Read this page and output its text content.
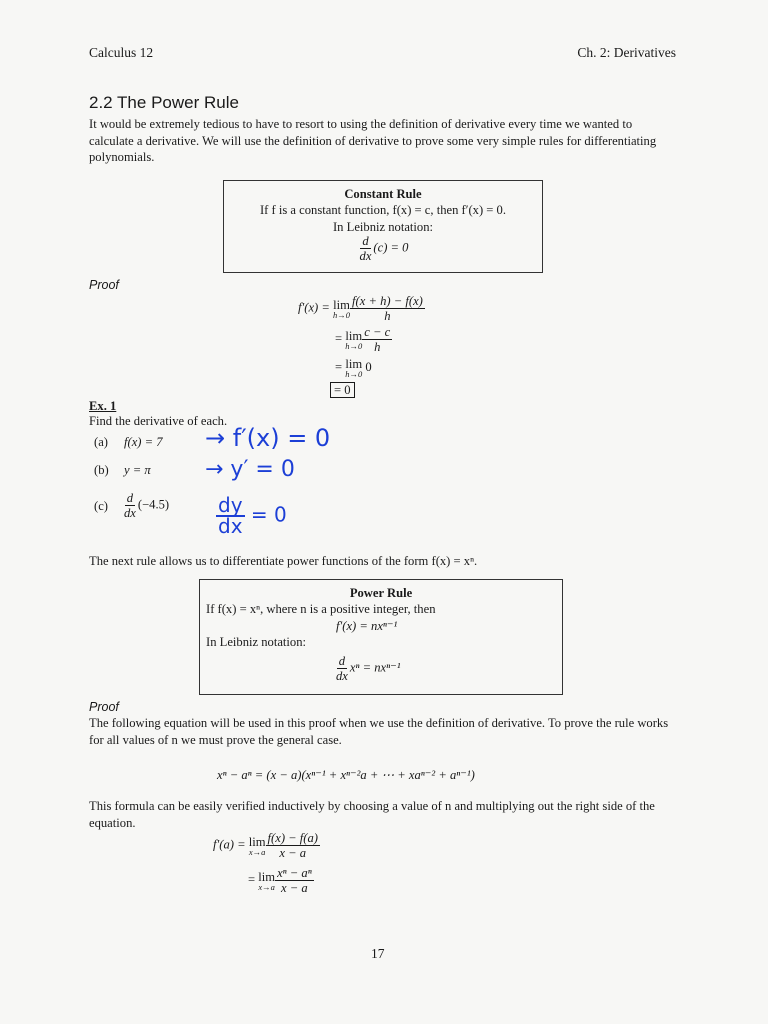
Calculus 12	Ch. 2: Derivatives
2.2 The Power Rule
It would be extremely tedious to have to resort to using the definition of derivative every time we wanted to calculate a derivative. We will use the definition of derivative to prove some very simple rules for differentiating polynomials.
Constant Rule
If f is a constant function, f(x) = c, then f′(x) = 0.
In Leibniz notation:
$\frac{d}{dx} (c) = 0$
Proof
f′(x) = lim
$h\to 0 \frac{f(x + h) - f(x)}{h}$
= lim
$h\to 0 \frac{c - c}{h}$
= lim
h→0
0
= 0
Ex. 1
Find the derivative of each.
(a) f(x) = 7 → f′(x) = 0
(b) y = π → y′ = 0
$(c) \frac{d}{dx} (-4.5) \frac{dy}{dx} = 0$
The next rule allows us to differentiate power functions of the form f(x) = xⁿ.
Power Rule
If f(x) = xⁿ, where n is a positive integer, then
f′(x) = nxⁿ⁻¹
In Leibniz notation:
$\frac{d}{dx}$ xⁿ = nxⁿ⁻¹
Proof
The following equation will be used in this proof when we use the definition of derivative. To prove the rule works for all values of n we must prove the general case.
xⁿ − aⁿ = (x − a)(xⁿ⁻¹ + xⁿ⁻²a + ⋯ + xaⁿ⁻² + aⁿ⁻¹)
This formula can be easily verified inductively by choosing a value of n and multiplying out the right side of the equation.
f′(a) = lim
$x\to a \frac{f(x) - f(a)}{x - a}$
= lim
$x\to a \frac{\text{xⁿ − aⁿ}}{x - a}$
17
